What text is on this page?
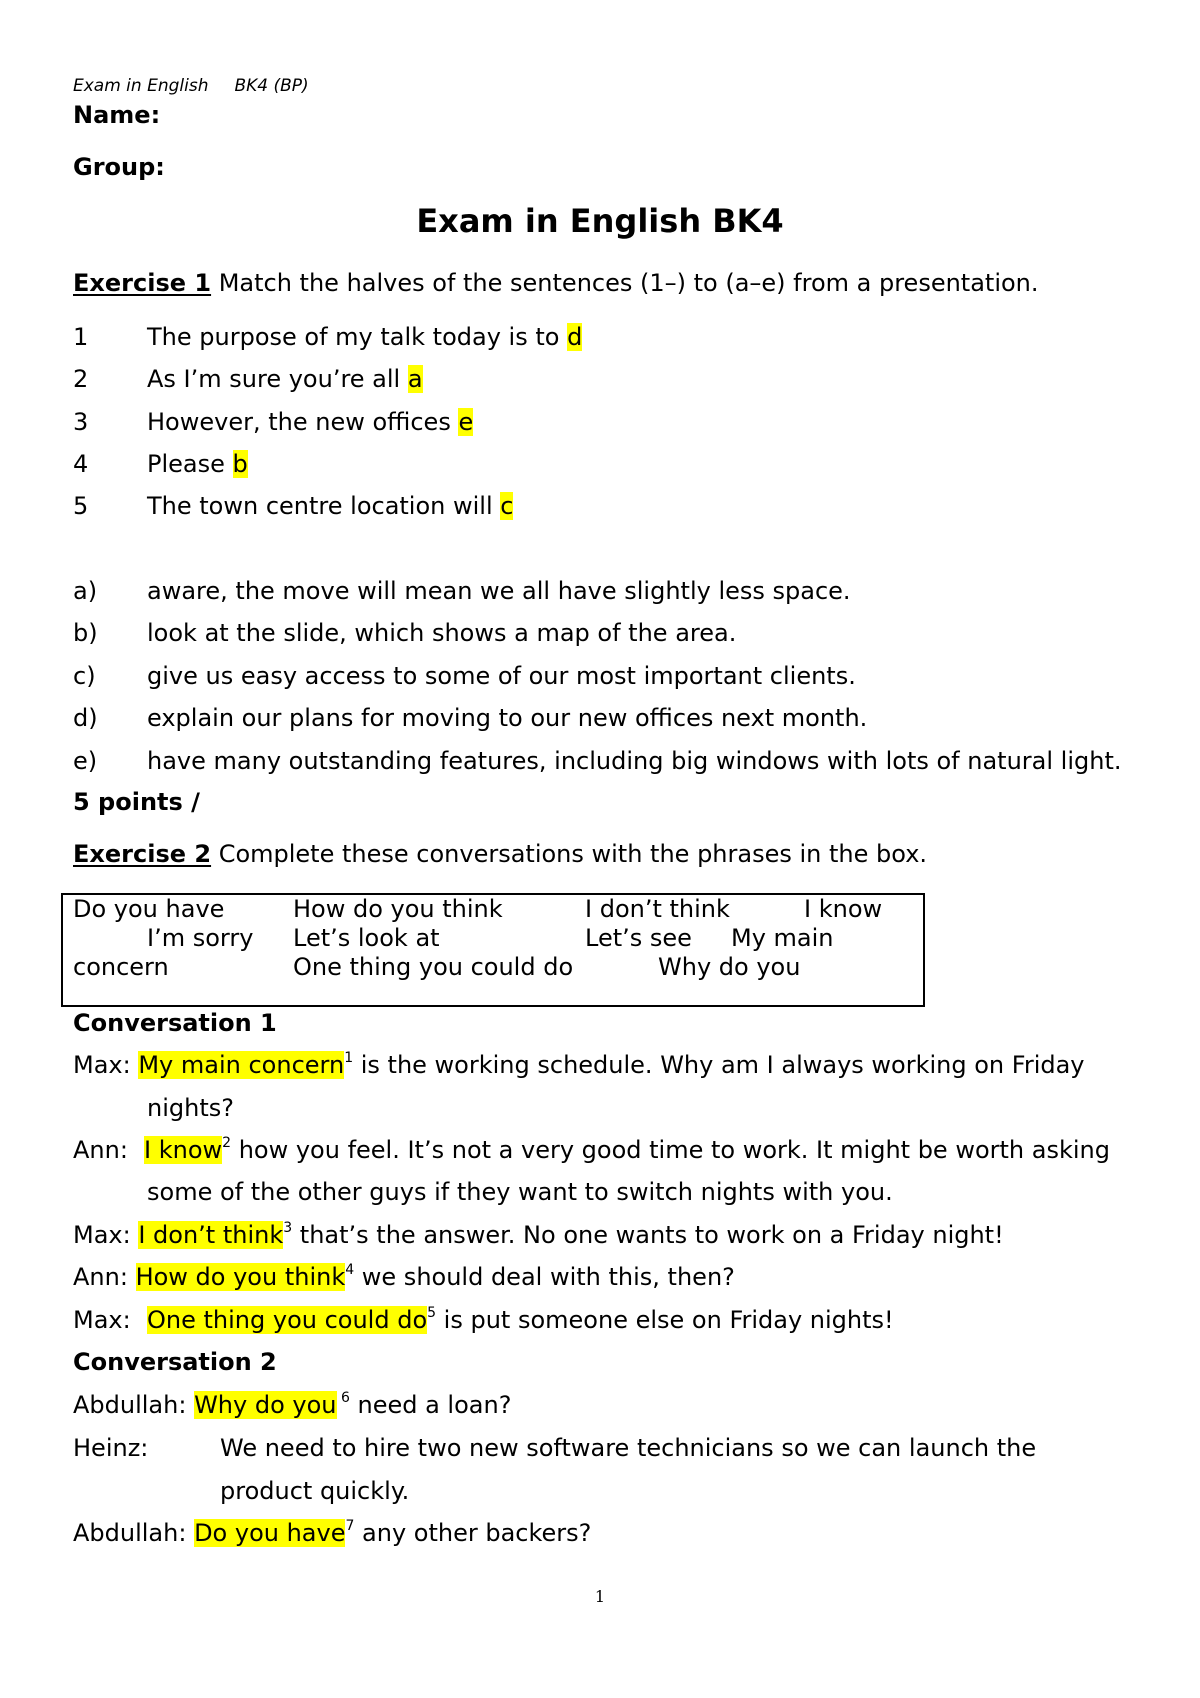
Exam in English BK4 (BP)
Name:
Group:
Exam in English BK4
Exercise 1 Match the halves of the sentences (1–) to (a–e) from a presentation.
1 The purpose of my talk today is to d
2 As I’m sure you’re all a
3 However, the new offices e
4 Please b
5 The town centre location will c
a) aware, the move will mean we all have slightly less space.
b) look at the slide, which shows a map of the area.
c) give us easy access to some of our most important clients.
d) explain our plans for moving to our new offices next month.
e) have many outstanding features, including big windows with lots of natural light.
5 points /
Exercise 2 Complete these conversations with the phrases in the box.
Do you have	How do you think	I don’t think	I know
I’m sorry Let’s look at	Let’s see My main
concern	One thing you could do	Why do you
Conversation 1
Max: My main concern$^1$ is the working schedule. Why am I always working on Friday
nights?
Ann:I know$^2$ how you feel. It’s not a very good time to work. It might be worth asking
some of the other guys if they want to switch nights with you.
Max: I don’t think$^3$ that’s the answer. No one wants to work on a Friday night!
Ann: How do you think$^4$ we should deal with this, then?
Max:One thing you could $do^5$ is put someone else on Friday nights!
Conversation 2
Abdullah: Why do you $^6$ need a loan?
Heinz:	We need to hire two new software technicians so we can launch the
product quickly.
Abdullah: Do you have$^7$ any other backers?
1
